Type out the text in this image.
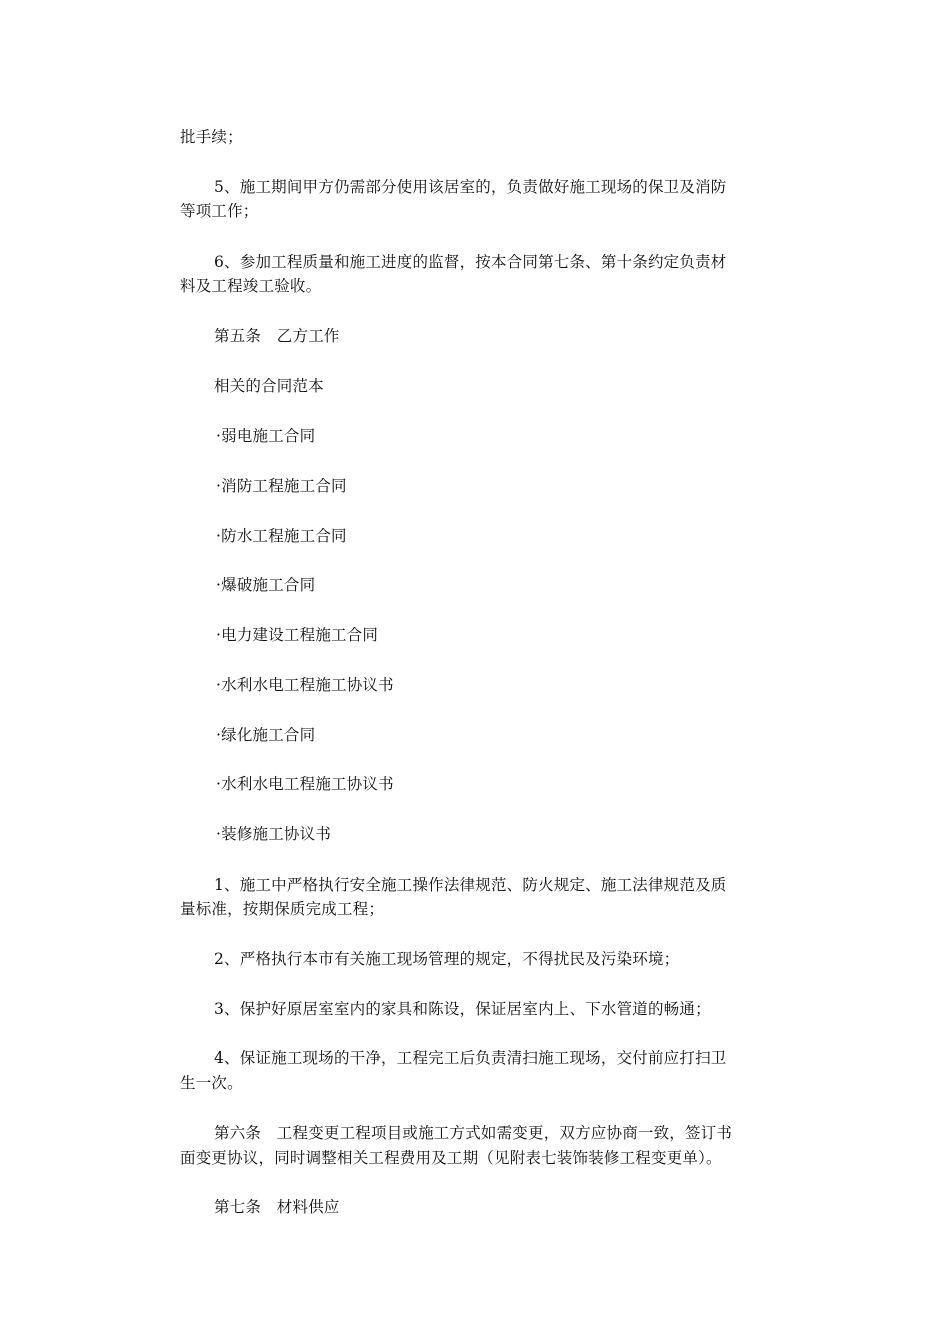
批手续；
5、施工期间甲方仍需部分使用该居室的，负责做好施工现场的保卫及消防
等项工作；
6、参加工程质量和施工进度的监督，按本合同第七条、第十条约定负责材
料及工程竣工验收。
第五条　乙方工作
相关的合同范本
·弱电施工合同
·消防工程施工合同
·防水工程施工合同
·爆破施工合同
·电力建设工程施工合同
·水利水电工程施工协议书
·绿化施工合同
·水利水电工程施工协议书
·装修施工协议书
1、施工中严格执行安全施工操作法律规范、防火规定、施工法律规范及质
量标准，按期保质完成工程；
2、严格执行本市有关施工现场管理的规定，不得扰民及污染环境；
3、保护好原居室室内的家具和陈设，保证居室内上、下水管道的畅通；
4、保证施工现场的干净，工程完工后负责清扫施工现场，交付前应打扫卫
生一次。
第六条　工程变更工程项目或施工方式如需变更，双方应协商一致，签订书
面变更协议，同时调整相关工程费用及工期（见附表七装饰装修工程变更单）。
第七条　材料供应
